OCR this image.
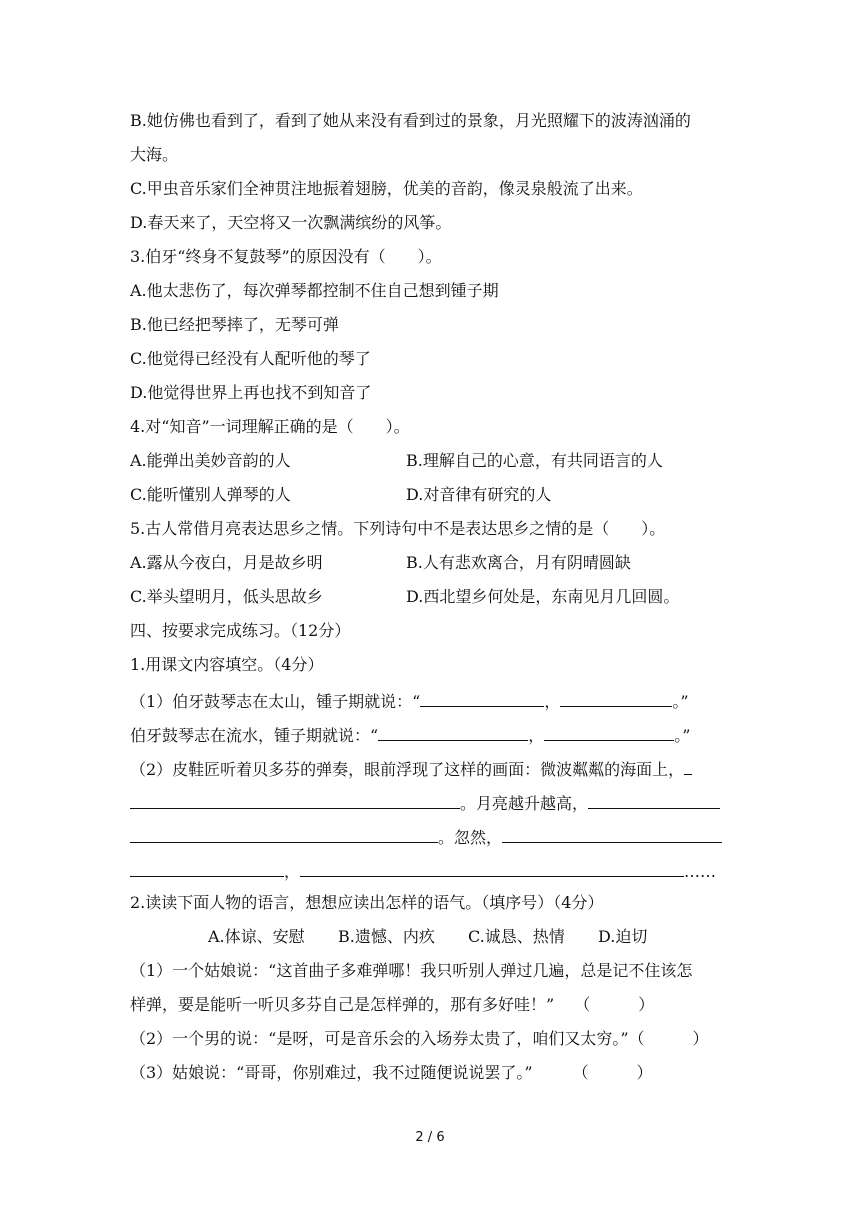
B.她仿佛也看到了，看到了她从来没有看到过的景象，月光照耀下的波涛汹涌的
大海。
C.甲虫音乐家们全神贯注地振着翅膀，优美的音韵，像灵泉般流了出来。
D.春天来了，天空将又一次飘满缤纷的风筝。
3.伯牙“终身不复鼓琴”的原因没有（　　）。
A.他太悲伤了，每次弹琴都控制不住自己想到锺子期
B.他已经把琴摔了，无琴可弹
C.他觉得已经没有人配听他的琴了
D.他觉得世界上再也找不到知音了
4.对“知音”一词理解正确的是（　　）。
A.能弹出美妙音韵的人	B.理解自己的心意，有共同语言的人
C.能听懂别人弹琴的人	D.对音律有研究的人
5.古人常借月亮表达思乡之情。下列诗句中不是表达思乡之情的是（　　）。
A.露从今夜白，月是故乡明	B.人有悲欢离合，月有阴晴圆缺
C.举头望明月，低头思故乡	D.西北望乡何处是，东南见月几回圆。
四、按要求完成练习。（12分）
1.用课文内容填空。（4分）
（1）伯牙鼓琴志在太山，锺子期就说：“	，	。”
伯牙鼓琴志在流水，锺子期就说：“	，	。”
（2）皮鞋匠听着贝多芬的弹奏，眼前浮现了这样的画面：微波粼粼的海面上，
。月亮越升越高，
。忽然，
，	……
2.读读下面人物的语言，想想应读出怎样的语气。（填序号）（4分）
A.体谅、安慰 B.遗憾、内疚 C.诚恳、热情 D.迫切
（1）一个姑娘说：“这首曲子多难弹哪！我只听别人弹过几遍，总是记不住该怎
样弹，要是能听一听贝多芬自己是怎样弹的，那有多好哇！” （　　　）
（2）一个男的说：“是呀，可是音乐会的入场券太贵了，咱们又太穷。”（　　　）
（3）姑娘说：“哥哥，你别难过，我不过随便说说罢了。”	（　　　）
2 / 6
